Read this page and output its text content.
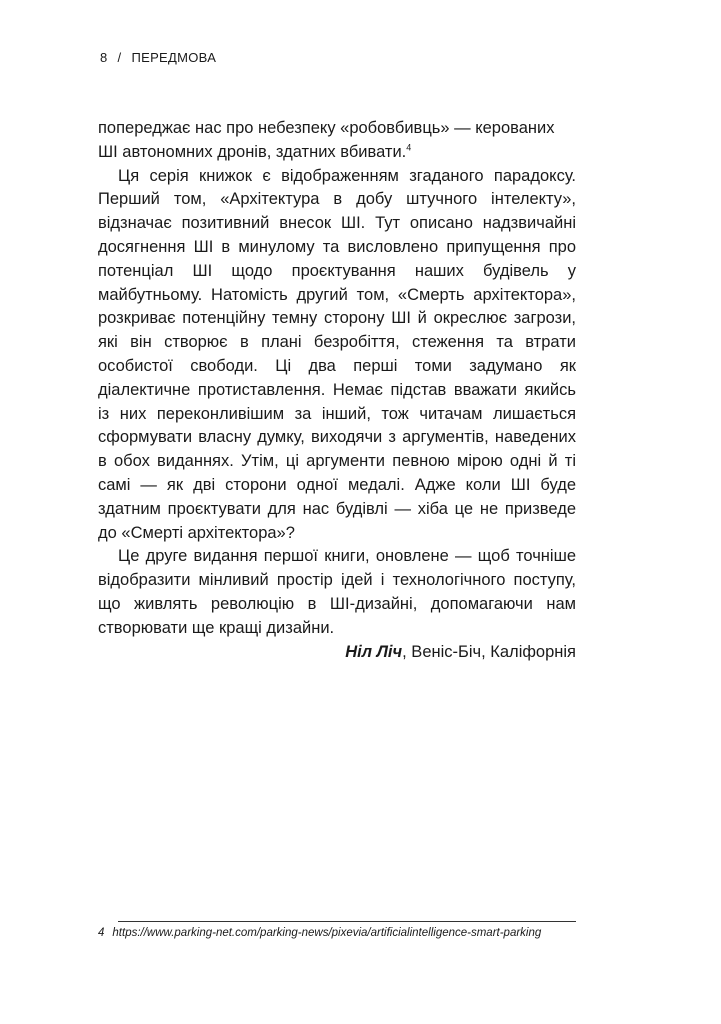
8 / ПЕРЕДМОВА

попереджає нас про небезпеку «робовбивць» — керованих ШІ автономних дронів, здатних вбивати.$^4$

Ця серія книжок є відображенням згаданого парадоксу. Перший том, «Архітектура в добу штучного інтелекту», відзначає позитивний внесок ШІ. Тут описано надзвичайні досягнення ШІ в минулому та висловлено припущення про потенціал ШІ щодо проєктування наших будівель у майбутньому. Натомість другий том, «Смерть архітектора», розкриває потенційну темну сторону ШІ й окреслює загрози, які він створює в плані безробіття, стеження та втрати особистої свободи. Ці два перші томи задумано як діалектичне протиставлення. Немає підстав вважати якийсь із них переконливішим за інший, тож читачам лишається сформувати власну думку, виходячи з аргументів, наведених в обох виданнях. Утім, ці аргументи певною мірою одні й ті самі — як дві сторони одної медалі. Адже коли ШІ буде здатним проєктувати для нас будівлі — хіба це не призведе до «Смерті архітектора»?

Це друге видання першої книги, оновлене — щоб точніше відобразити мінливий простір ідей і технологічного поступу, що живлять революцію в ШІ-дизайні, допомагаючи нам створювати ще кращі дизайни.

Ніл Ліч, Веніс-Біч, Каліфорнія

4 https://www.parking-net.com/parking-news/pixevia/artificialintelligence-smart-parking
